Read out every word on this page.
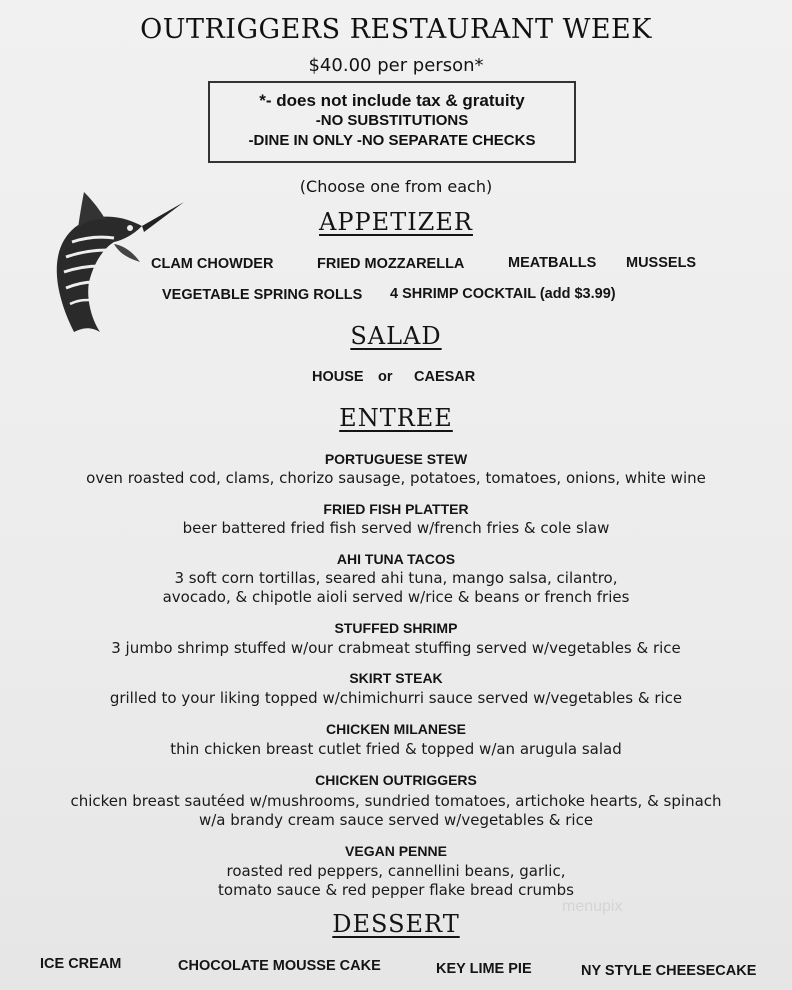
OUTRIGGERS RESTAURANT WEEK
$40.00 per person*
*- does not include tax & gratuity
-NO SUBSTITUTIONS
-DINE IN ONLY -NO SEPARATE CHECKS
(Choose one from each)
APPETIZER
CLAM CHOWDER	FRIED MOZZARELLA	MEATBALLS MUSSELS
VEGETABLE SPRING ROLLS 4 SHRIMP COCKTAIL (add $3.99)
SALAD
HOUSE or CAESAR
ENTREE
PORTUGUESE STEW
oven roasted cod, clams, chorizo sausage, potatoes, tomatoes, onions, white wine
FRIED FISH PLATTER
beer battered fried fish served w/french fries & cole slaw
AHI TUNA TACOS
3 soft corn tortillas, seared ahi tuna, mango salsa, cilantro,
avocado, & chipotle aioli served w/rice & beans or french fries
STUFFED SHRIMP
3 jumbo shrimp stuffed w/our crabmeat stuffing served w/vegetables & rice
SKIRT STEAK
grilled to your liking topped w/chimichurri sauce served w/vegetables & rice
CHICKEN MILANESE
thin chicken breast cutlet fried & topped w/an arugula salad
CHICKEN OUTRIGGERS
chicken breast sautéed w/mushrooms, sundried tomatoes, artichoke hearts, & spinach
w/a brandy cream sauce served w/vegetables & rice
VEGAN PENNE
roasted red peppers, cannellini beans, garlic,
tomato sauce & red pepper flake bread crumbs
menupix
DESSERT
ICE CREAM	CHOCOLATE MOUSSE CAKE	KEY LIME PIE	NY STYLE CHEESECAKE
